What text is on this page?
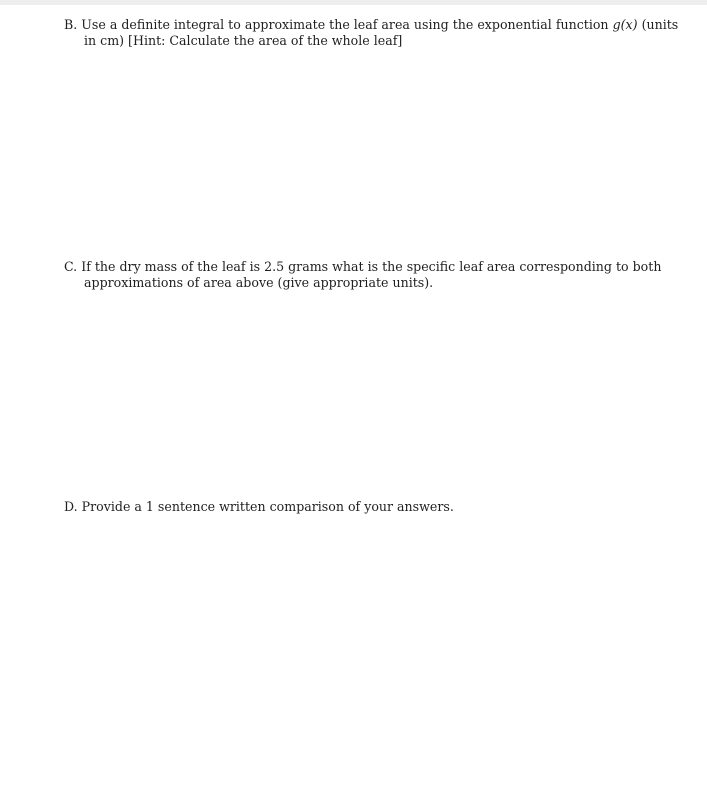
B. Use a definite integral to approximate the leaf area using the exponential function g(x) (units
in cm) [Hint: Calculate the area of the whole leaf]
C. If the dry mass of the leaf is 2.5 grams what is the specific leaf area corresponding to both
approximations of area above (give appropriate units).
D. Provide a 1 sentence written comparison of your answers.
